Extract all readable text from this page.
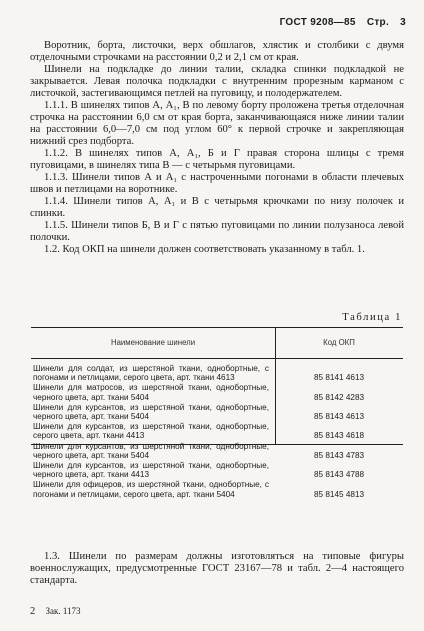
ГОСТ 9208—85 Стр. 3

Воротник, борта, листочки, верх обшлагов, хлястик и столбики с двумя отделочными строчками на расстоянии 0,2 и 2,1 см от края.

Шинели на подкладке до линии талии, складка спинки подкладкой не закрывается. Левая полочка подкладки с внутренним прорезным карманом с листочкой, застегивающимся петлей на пуговицу, и полодержателем.

1.1.1. В шинелях типов А, А₁, В по левому борту проложена третья отделочная строчка на расстоянии 6,0 см от края борта, заканчивающаяся ниже линии талии на расстоянии 6,0—7,0 см под углом 60° к первой строчке и закрепляющая нижний срез подборта.

1.1.2. В шинелях типов А, А₁, Б и Г правая сторона шлицы с тремя пуговицами, в шинелях типа В — с четырьмя пуговицами.

1.1.3. Шинели типов А и А₁ с настроченными погонами в области плечевых швов и петлицами на воротнике.

1.1.4. Шинели типов А, А₁ и В с четырьмя крючками по низу полочек и спинки.

1.1.5. Шинели типов Б, В и Г с пятью пуговицами по линии полузаноса левой полочки.

1.2. Код ОКП на шинели должен соответствовать указанному в табл. 1.

Таблица 1
Наименование шинели	Код ОКП
Шинели для солдат, из шерстяной ткани, однобортные, с погонами и петлицами, серого цвета, арт. ткани 4613	85 8141 4613
Шинели для матросов, из шерстяной ткани, однобортные, черного цвета, арт. ткани 5404	85 8142 4283
Шинели для курсантов, из шерстяной ткани, однобортные, черного цвета, арт. ткани 5404	85 8143 4613
Шинели для курсантов, из шерстяной ткани, однобортные, серого цвета, арт. ткани 4413	85 8143 4618
Шинели для курсантов, из шерстяной ткани, однобортные, черного цвета, арт. ткани 5404	85 8143 4783
Шинели для курсантов, из шерстяной ткани, однобортные, черного цвета, арт. ткани 4413	85 8143 4788
Шинели для офицеров, из шерстяной ткани, однобортные, с погонами и петлицами, серого цвета, арт. ткани 5404	85 8145 4813

1.3. Шинели по размерам должны изготовляться на типовые фигуры военнослужащих, предусмотренные ГОСТ 23167—78 и табл. 2—4 настоящего стандарта.

2 Зак. 1173
